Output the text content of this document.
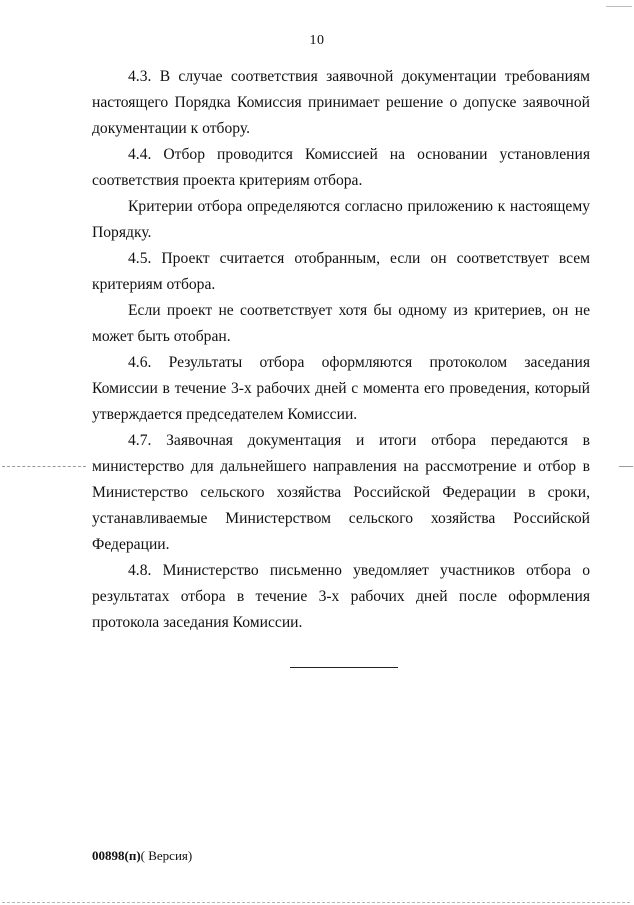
10

4.3. В случае соответствия заявочной документации требованиям настоящего Порядка Комиссия принимает решение о допуске заявочной документации к отбору.

4.4. Отбор проводится Комиссией на основании установления соответствия проекта критериям отбора.

Критерии отбора определяются согласно приложению к настоящему Порядку.

4.5. Проект считается отобранным, если он соответствует всем критериям отбора.

Если проект не соответствует хотя бы одному из критериев, он не может быть отобран.

4.6. Результаты отбора оформляются протоколом заседания Комиссии в течение 3-х рабочих дней с момента его проведения, который утверждается председателем Комиссии.

4.7. Заявочная документация и итоги отбора передаются в министерство для дальнейшего направления на рассмотрение и отбор в Министерство сельского хозяйства Российской Федерации в сроки, устанавливаемые Министерством сельского хозяйства Российской Федерации.

4.8. Министерство письменно уведомляет участников отбора о результатах отбора в течение 3-х рабочих дней после оформления протокола заседания Комиссии.

00898(п)( Версия)
